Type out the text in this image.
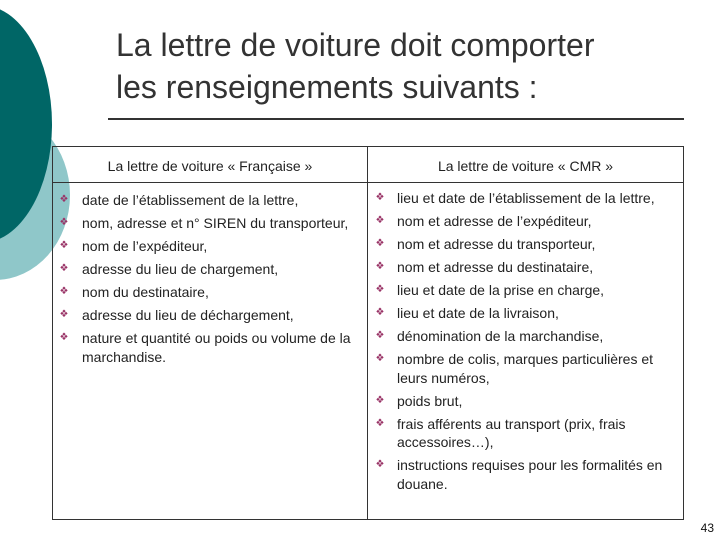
La lettre de voiture doit comporter
les renseignements suivants :
La lettre de voiture « Française »	La lettre de voiture « CMR »
❖ date de l’établissement de la lettre,
❖ nom, adresse et n° SIREN du transporteur,
❖ nom de l’expéditeur,
❖ adresse du lieu de chargement,
❖ nom du destinataire,
❖ adresse du lieu de déchargement,
❖ nature et quantité ou poids ou volume de la marchandise.
❖ lieu et date de l’établissement de la lettre,
❖ nom et adresse de l’expéditeur,
❖ nom et adresse du transporteur,
❖ nom et adresse du destinataire,
❖ lieu et date de la prise en charge,
❖ lieu et date de la livraison,
❖ dénomination de la marchandise,
❖ nombre de colis, marques particulières et leurs numéros,
❖ poids brut,
❖ frais afférents au transport (prix, frais accessoires…),
❖ instructions requises pour les formalités en douane.
43
